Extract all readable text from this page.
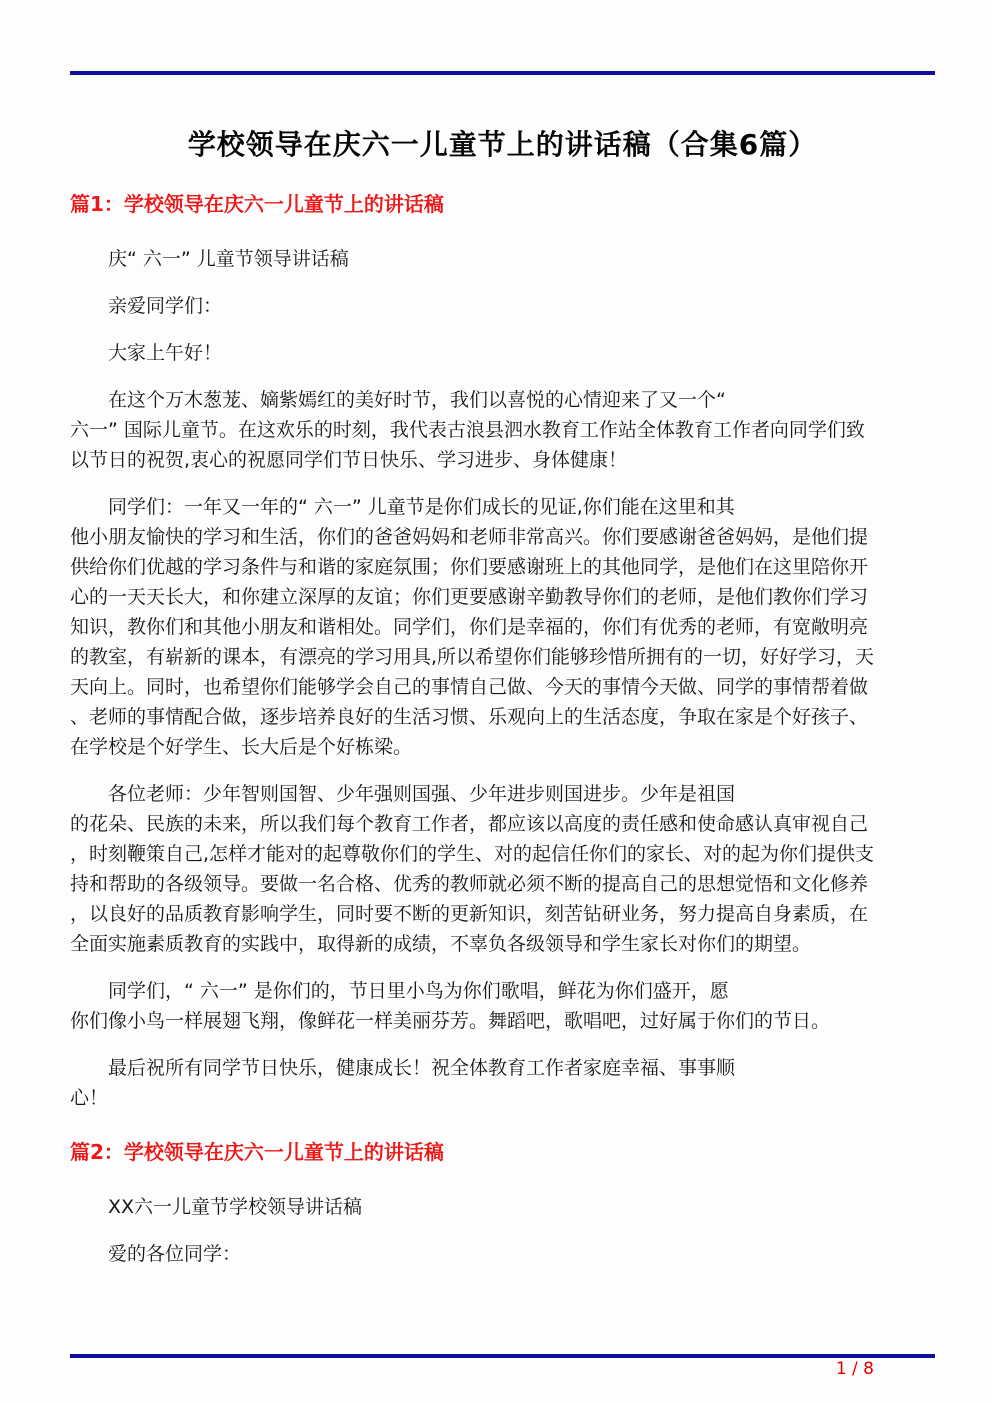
学校领导在庆六一儿童节上的讲话稿（合集6篇）
篇1：学校领导在庆六一儿童节上的讲话稿
庆“ 六一” 儿童节领导讲话稿
亲爱同学们：
大家上午好！
在这个万木葱茏、嫡紫嫣红的美好时节，我们以喜悦的心情迎来了又一个“
六一” 国际儿童节。在这欢乐的时刻，我代表古浪县泗水教育工作站全体教育工作者向同学们致
以节日的祝贺,衷心的祝愿同学们节日快乐、学习进步、身体健康！
同学们：一年又一年的“ 六一” 儿童节是你们成长的见证,你们能在这里和其
他小朋友愉快的学习和生活，你们的爸爸妈妈和老师非常高兴。你们要感谢爸爸妈妈，是他们提
供给你们优越的学习条件与和谐的家庭氛围；你们要感谢班上的其他同学，是他们在这里陪你开
心的一天天长大，和你建立深厚的友谊；你们更要感谢辛勤教导你们的老师，是他们教你们学习
知识，教你们和其他小朋友和谐相处。同学们，你们是幸福的，你们有优秀的老师，有宽敞明亮
的教室，有崭新的课本，有漂亮的学习用具,所以希望你们能够珍惜所拥有的一切，好好学习，天
天向上。同时，也希望你们能够学会自己的事情自己做、今天的事情今天做、同学的事情帮着做
、老师的事情配合做，逐步培养良好的生活习惯、乐观向上的生活态度，争取在家是个好孩子、
在学校是个好学生、长大后是个好栋梁。
各位老师：少年智则国智、少年强则国强、少年进步则国进步。少年是祖国
的花朵、民族的未来，所以我们每个教育工作者，都应该以高度的责任感和使命感认真审视自己
，时刻鞭策自己,怎样才能对的起尊敬你们的学生、对的起信任你们的家长、对的起为你们提供支
持和帮助的各级领导。要做一名合格、优秀的教师就必须不断的提高自己的思想觉悟和文化修养
，以良好的品质教育影响学生，同时要不断的更新知识，刻苦钻研业务，努力提高自身素质，在
全面实施素质教育的实践中，取得新的成绩，不辜负各级领导和学生家长对你们的期望。
同学们，“ 六一” 是你们的，节日里小鸟为你们歌唱，鲜花为你们盛开，愿
你们像小鸟一样展翅飞翔，像鲜花一样美丽芬芳。舞蹈吧，歌唱吧，过好属于你们的节日。
最后祝所有同学节日快乐，健康成长！祝全体教育工作者家庭幸福、事事顺
心！
篇2：学校领导在庆六一儿童节上的讲话稿
XX六一儿童节学校领导讲话稿
爱的各位同学：
1 / 8
